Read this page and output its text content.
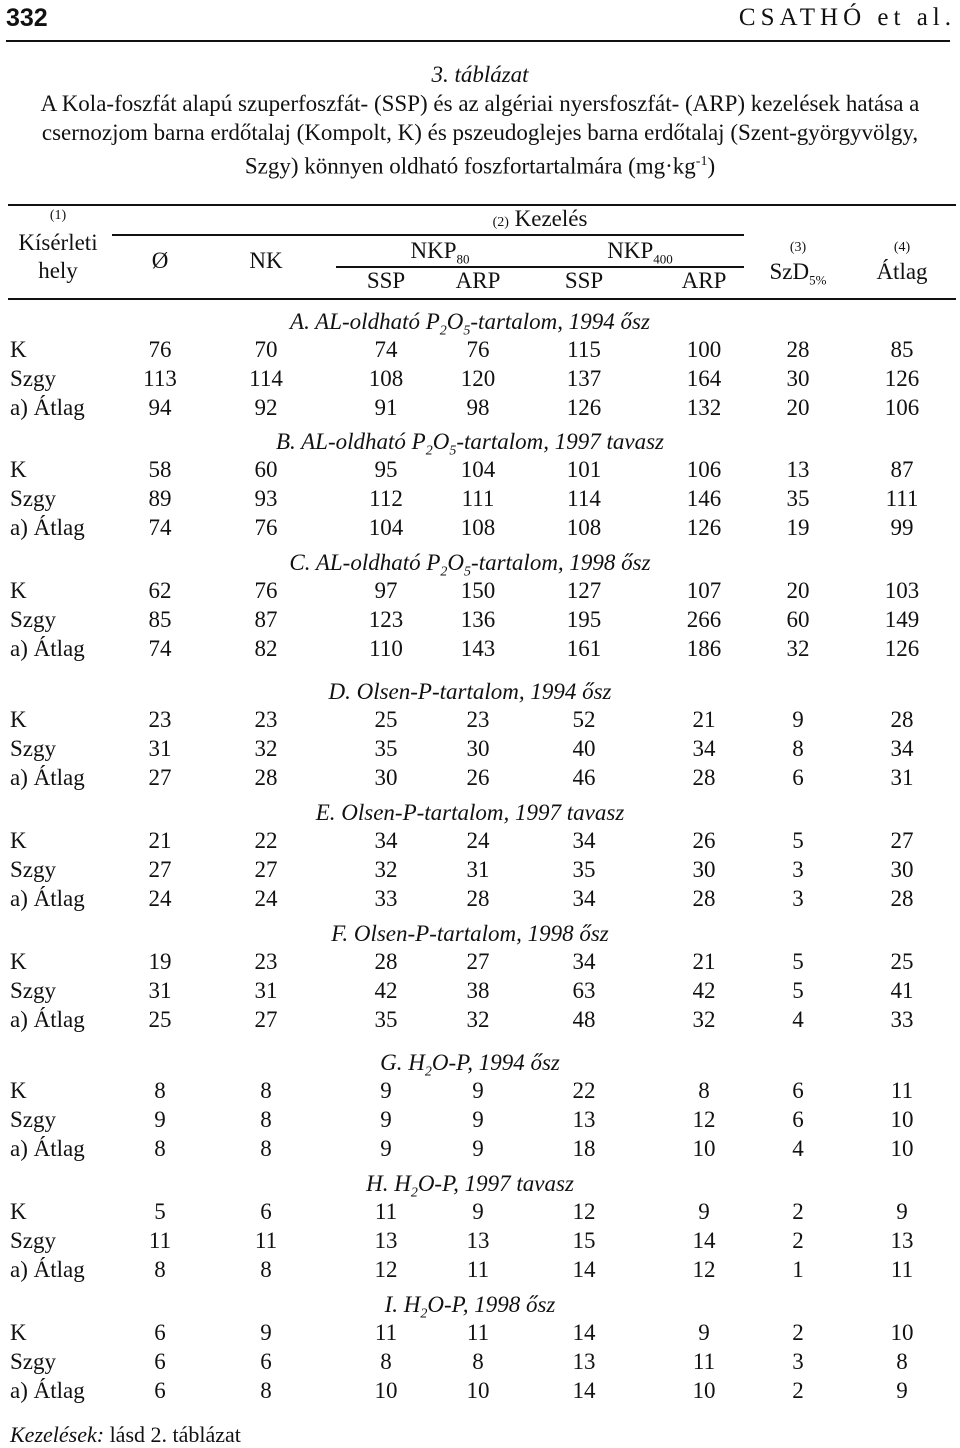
332	CSATHÓ et al.
3. táblázat
A Kola-foszfát alapú szuperfoszfát- (SSP) és az algériai nyersfoszfát- (ARP) kezelések hatása a csernozjom barna erdőtalaj (Kompolt, K) és pszeudoglejes barna erdőtalaj (Szent-györgyvölgy, Szgy) könnyen oldható foszfortartalmára $(mg\cdot kg^{-1})$
(1)
Kísérleti
hely
(2) Kezelés
Ø	NK	$NKP_{80}$	$NKP_{400}$
SSP	ARP	SSP	ARP
(3)
SzD$_{5\%}$
(4)
Átlag
A. AL-oldható $P_2O_5$-tartalom, 1994 ősz
K	76	70	74	76	115	100	28	85
Szgy	113	114	108	120	137	164	30	126
a) Átlag	94	92	91	98	126	132	20	106
B. AL-oldható $P_2O_5$-tartalom, 1997 tavasz
K	58	60	95	104	101	106	13	87
Szgy	89	93	112	111	114	146	35	111
a) Átlag	74	76	104	108	108	126	19	99
C. AL-oldható $P_2O_5$-tartalom, 1998 ősz
K	62	76	97	150	127	107	20	103
Szgy	85	87	123	136	195	266	60	149
a) Átlag	74	82	110	143	161	186	32	126
D. Olsen-P-tartalom, 1994 ősz
K	23	23	25	23	52	21	9	28
Szgy	31	32	35	30	40	34	8	34
a) Átlag	27	28	30	26	46	28	6	31
E. Olsen-P-tartalom, 1997 tavasz
K	21	22	34	24	34	26	5	27
Szgy	27	27	32	31	35	30	3	30
a) Átlag	24	24	33	28	34	28	3	28
F. Olsen-P-tartalom, 1998 ősz
K	19	23	28	27	34	21	5	25
Szgy	31	31	42	38	63	42	5	41
a) Átlag	25	27	35	32	48	32	4	33
G. $H_2O-P$, 1994 ősz
K	8	8	9	9	22	8	6	11
Szgy	9	8	9	9	13	12	6	10
a) Átlag	8	8	9	9	18	10	4	10
H. $H_2O-P$, 1997 tavasz
K	5	6	11	9	12	9	2	9
Szgy	11	11	13	13	15	14	2	13
a) Átlag	8	8	12	11	14	12	1	11
I. $H_2O-P$, 1998 ősz
K	6	9	11	11	14	9	2	10
Szgy	6	6	8	8	13	11	3	8
a) Átlag	6	8	10	10	14	10	2	9
Kezelések: lásd 2. táblázat
